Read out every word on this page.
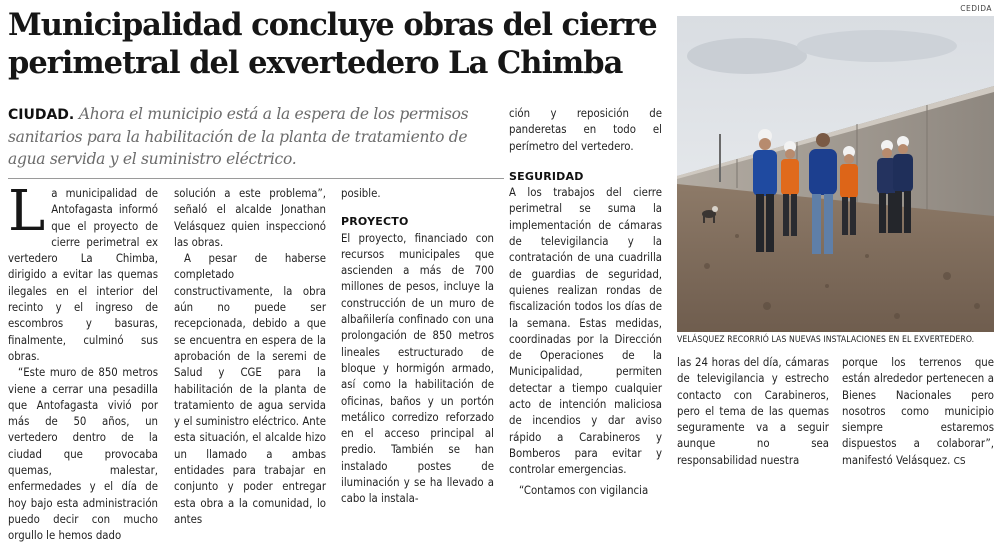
Municipalidad concluye obras del cierre perimetral del exvertedero La Chimba

CIUDAD. Ahora el municipio está a la espera de los permisos sanitarios para la habilitación de la planta de tratamiento de agua servida y el suministro eléctrico.

La municipalidad de Antofagasta informó que el proyecto de cierre perimetral ex vertedero La Chimba, dirigido a evitar las quemas ilegales en el interior del recinto y el ingreso de escombros y basuras, finalmente, culminó sus obras.

“Este muro de 850 metros viene a cerrar una pesadilla que Antofagasta vivió por más de 50 años, un vertedero dentro de la ciudad que provocaba quemas, malestar, enfermedades y el día de hoy bajo esta administración puedo decir con mucho orgullo le hemos dado

solución a este problema”, señaló el alcalde Jonathan Velásquez quien inspeccionó las obras.

A pesar de haberse completado constructivamente, la obra aún no puede ser recepcionada, debido a que se encuentra en espera de la aprobación de la seremi de Salud y CGE para la habilitación de la planta de tratamiento de agua servida y el suministro eléctrico. Ante esta situación, el alcalde hizo un llamado a ambas entidades para trabajar en conjunto y poder entregar esta obra a la comunidad, lo antes

posible.

PROYECTO

El proyecto, financiado con recursos municipales que ascienden a más de 700 millones de pesos, incluye la construcción de un muro de albañilería confinado con una prolongación de 850 metros lineales estructurado de bloque y hormigón armado, así como la habilitación de oficinas, baños y un portón metálico corredizo reforzado en el acceso principal al predio. También se han instalado postes de iluminación y se ha llevado a cabo la instala-

ción y reposición de panderetas en todo el perímetro del vertedero.

SEGURIDAD

A los trabajos del cierre perimetral se suma la implementación de cámaras de televigilancia y la contratación de una cuadrilla de guardias de seguridad, quienes realizan rondas de fiscalización todos los días de la semana. Estas medidas, coordinadas por la Dirección de Operaciones de la Municipalidad, permiten detectar a tiempo cualquier acto de intención maliciosa de incendios y dar aviso rápido a Carabineros y Bomberos para evitar y controlar emergencias.

“Contamos con vigilancia

las 24 horas del día, cámaras de televigilancia y estrecho contacto con Carabineros, pero el tema de las quemas seguramente va a seguir aunque no sea responsabilidad nuestra

porque los terrenos que están alrededor pertenecen a Bienes Nacionales pero nosotros como municipio siempre estaremos dispuestos a colaborar”, manifestó Velásquez. CS

CEDIDA
VELÁSQUEZ RECORRIÓ LAS NUEVAS INSTALACIONES EN EL EXVERTEDERO.
